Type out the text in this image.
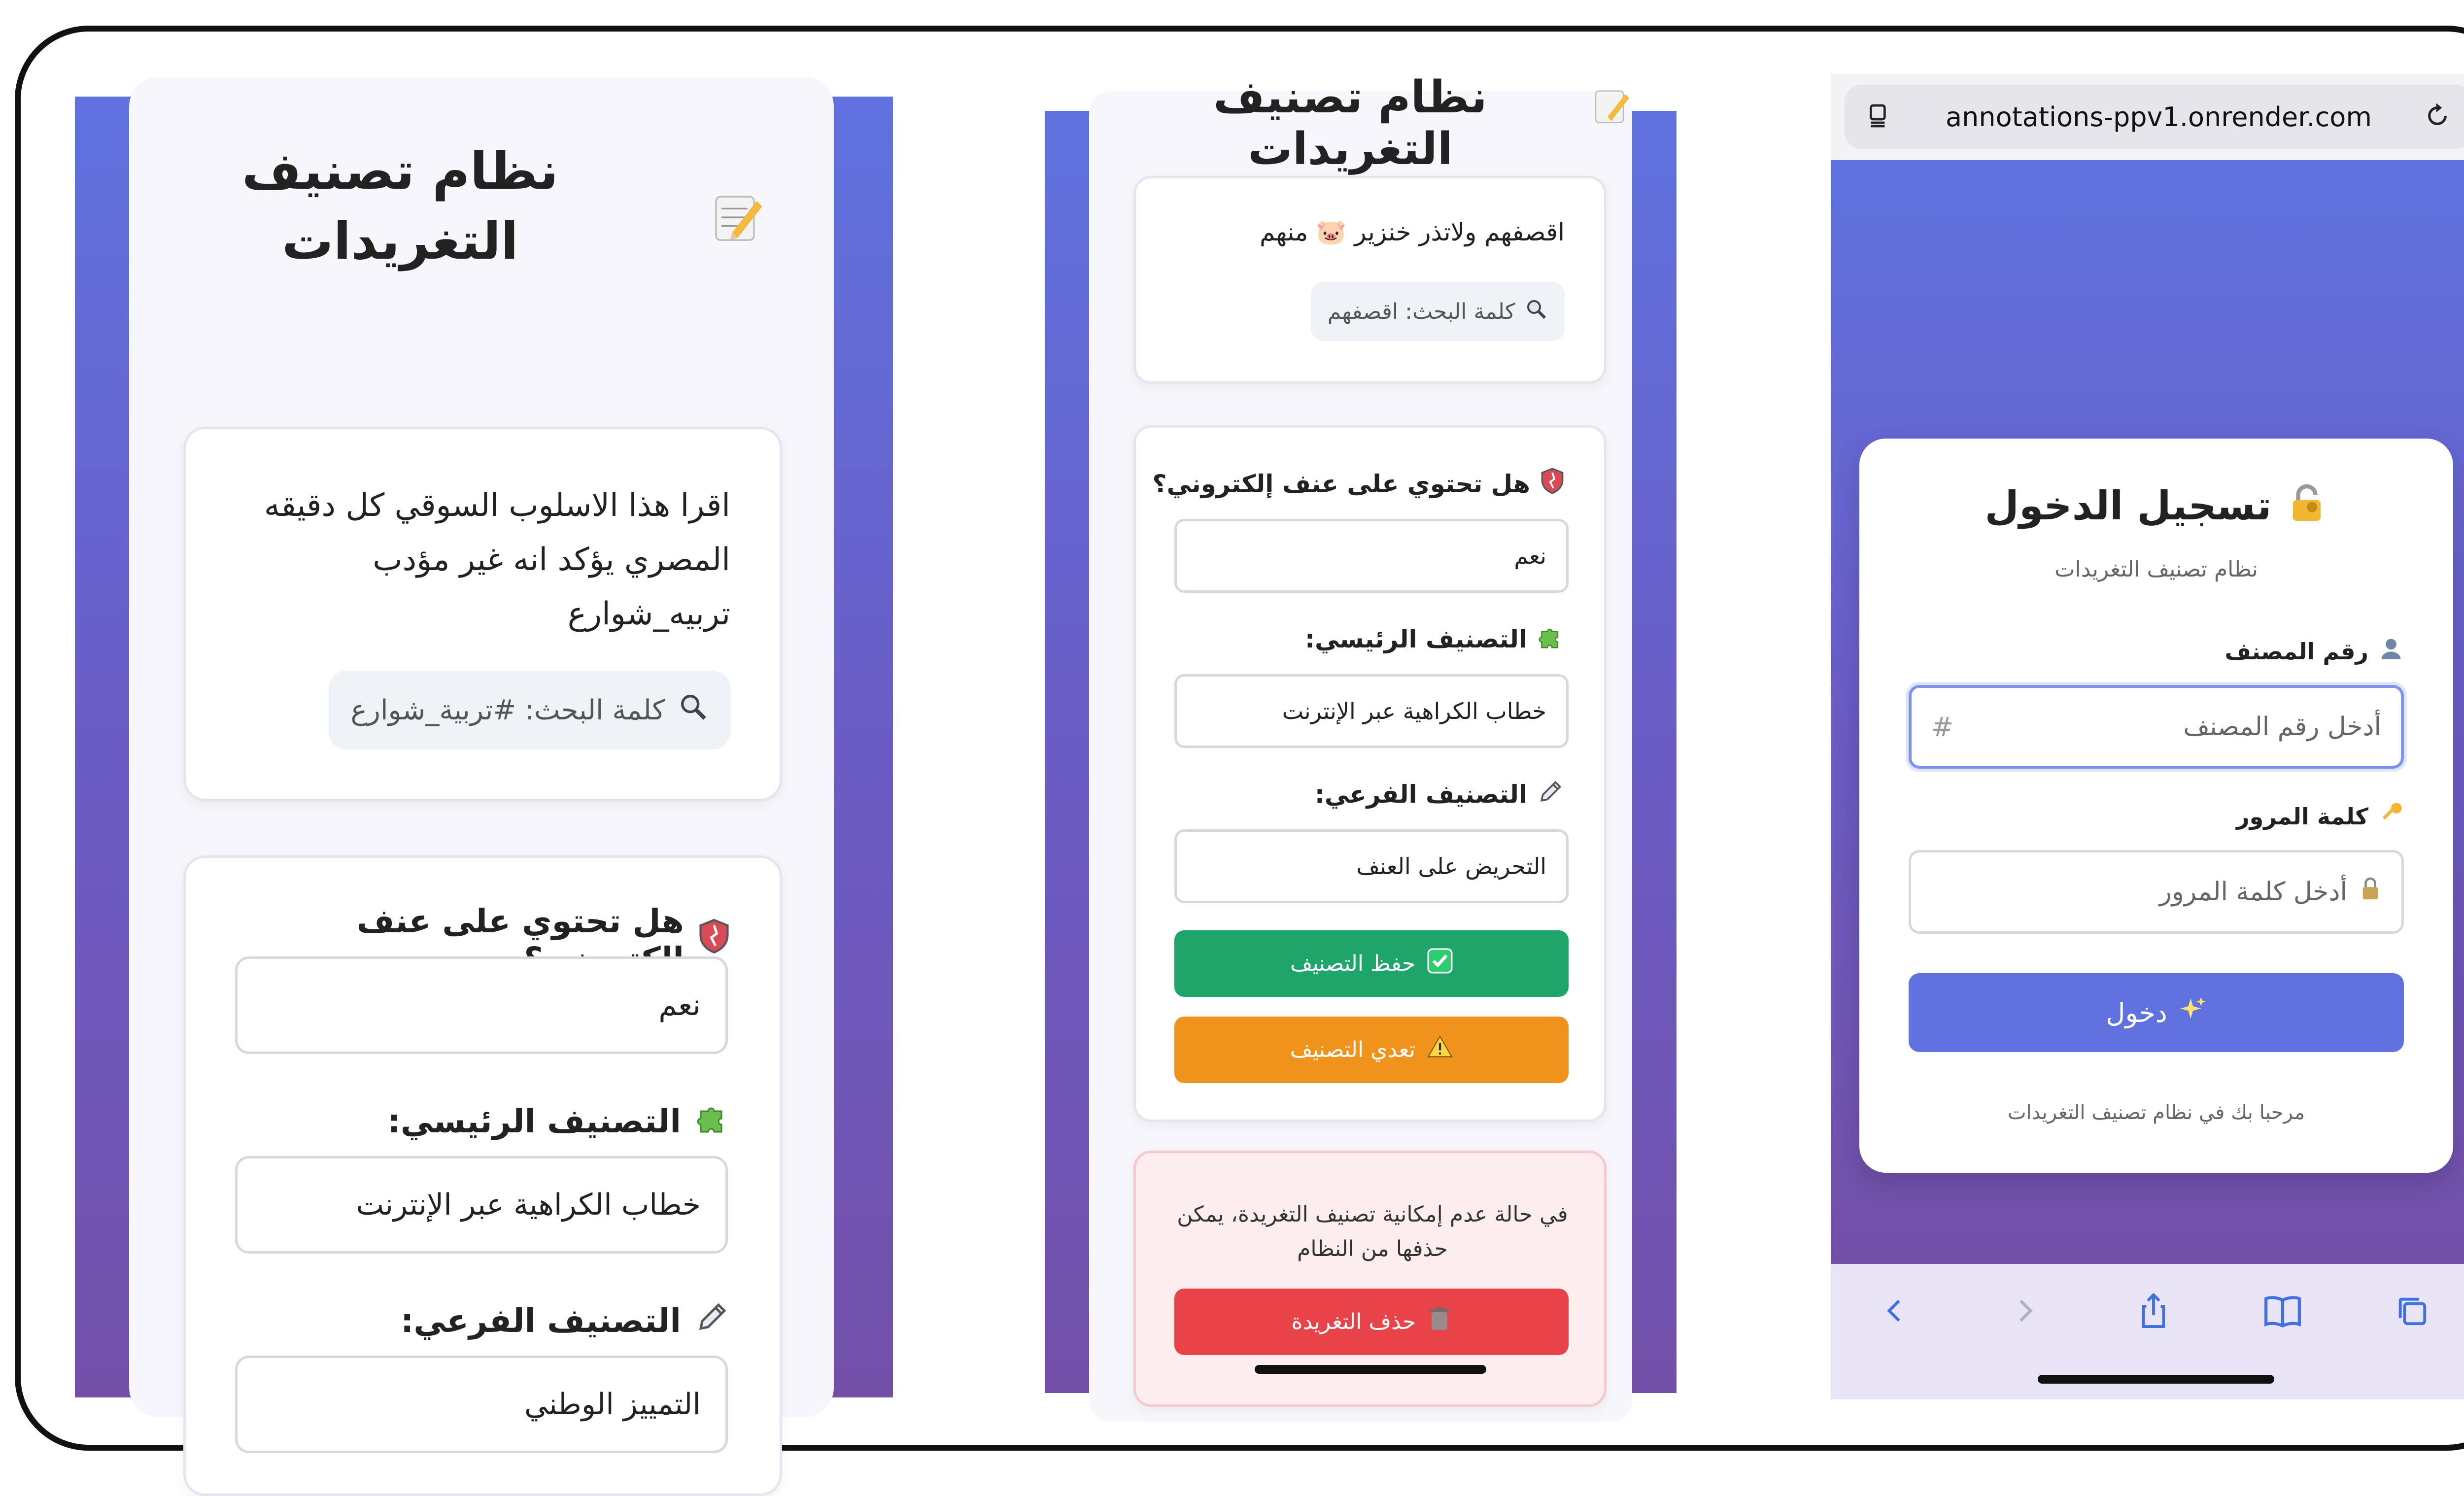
نظام تصنيف التغريدات
اقرا هذا الاسلوب السوقي كل دقيقه المصري يؤكد انه غير مؤدب تربيه_شوارع
كلمة البحث: #تربية_شوارع
هل تحتوي على عنف
نعم
التصنيف الرئيسي:
خطاب الكراهية عبر الإنترنت
التصنيف الفرعي:
التمييز الوطني
نظام تصنيف التغريدات
اقصفهم ولاتذر خنزير 🐷 منهم
كلمة البحث: اقصفهم
هل تحتوي على عنف إلكتروني؟
نعم
التصنيف الرئيسي:
خطاب الكراهية عبر الإنترنت
التصنيف الفرعي:
التحريض على العنف
حفظ التصنيف
تعدي التصنيف
في حالة عدم إمكانية تصنيف التغريدة، يمكن حذفها من النظام
حذف التغريدة
annotations-ppv1.onrender.com
تسجيل الدخول
نظام تصنيف التغريدات
رقم المصنف
#	أدخل رقم المصنف
كلمة المرور
أدخل كلمة المرور
دخول
مرحبا بك في نظام تصنيف التغريدات
